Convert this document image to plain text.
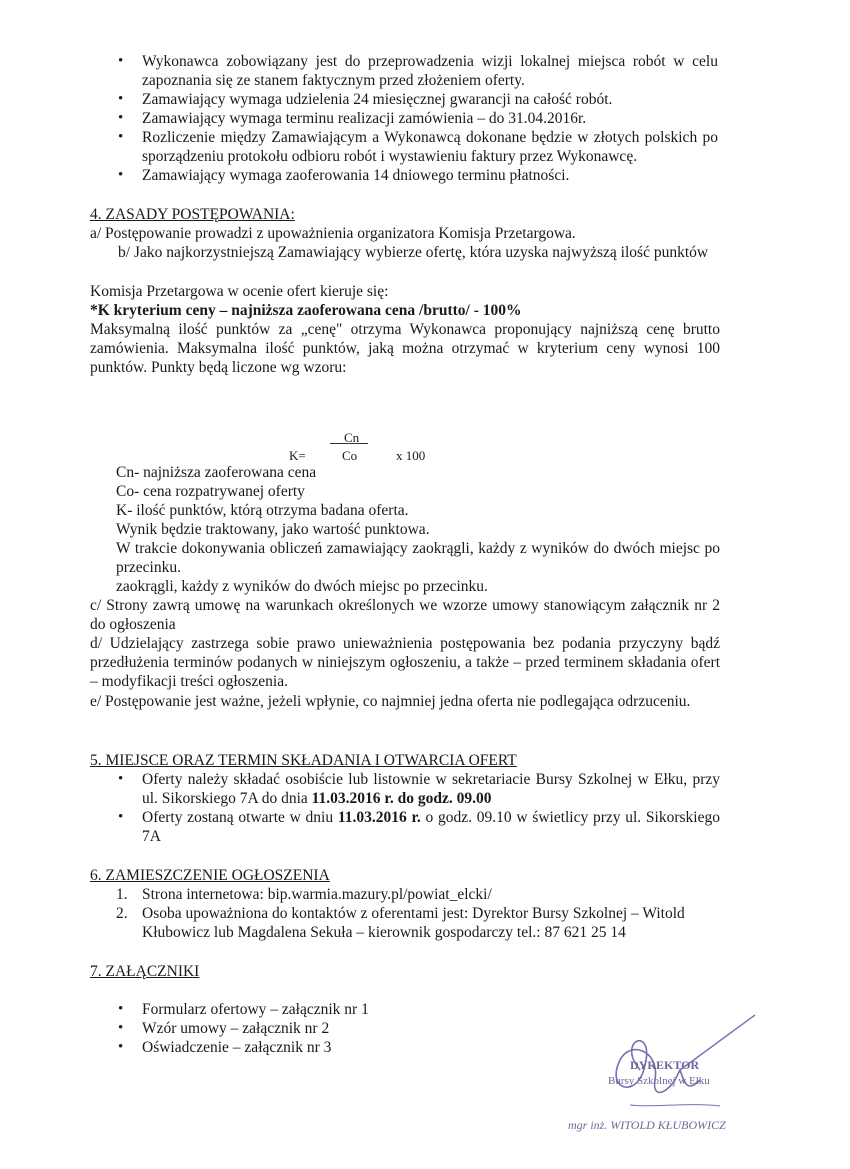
• Wykonawca zobowiązany jest do przeprowadzenia wizji lokalnej miejsca robót w celu zapoznania się ze stanem faktycznym przed złożeniem oferty.
• Zamawiający wymaga udzielenia 24 miesięcznej gwarancji na całość robót.
• Zamawiający wymaga terminu realizacji zamówienia – do 31.04.2016r.
• Rozliczenie między Zamawiającym a Wykonawcą dokonane będzie w złotych polskich po sporządzeniu protokołu odbioru robót i wystawieniu faktury przez Wykonawcę.
• Zamawiający wymaga zaoferowania 14 dniowego terminu płatności.
4. ZASADY POSTĘPOWANIA:
a/ Postępowanie prowadzi z upoważnienia organizatora Komisja Przetargowa.
b/ Jako najkorzystniejszą Zamawiający wybierze ofertę, która uzyska najwyższą ilość punktów
Komisja Przetargowa w ocenie ofert kieruje się:
*K kryterium ceny – najniższa zaoferowana cena /brutto/ - 100%
Maksymalną ilość punktów za „cenę" otrzyma Wykonawca proponujący najniższą cenę brutto zamówienia. Maksymalna ilość punktów, jaką można otrzymać w kryterium ceny wynosi 100 punktów. Punkty będą liczone wg wzoru:
K=
Cn
Co	x 100
Cn- najniższa zaoferowana cena
Co- cena rozpatrywanej oferty
K- ilość punktów, którą otrzyma badana oferta.
Wynik będzie traktowany, jako wartość punktowa.
W trakcie dokonywania obliczeń zamawiający zaokrągli, każdy z wyników do dwóch miejsc po przecinku.
zaokrągli, każdy z wyników do dwóch miejsc po przecinku.
c/ Strony zawrą umowę na warunkach określonych we wzorze umowy stanowiącym załącznik nr 2 do ogłoszenia
d/ Udzielający zastrzega sobie prawo unieważnienia postępowania bez podania przyczyny bądź przedłużenia terminów podanych w niniejszym ogłoszeniu, a także – przed terminem składania ofert – modyfikacji treści ogłoszenia.
e/ Postępowanie jest ważne, jeżeli wpłynie, co najmniej jedna oferta nie podlegająca odrzuceniu.
5. MIEJSCE ORAZ TERMIN SKŁADANIA I OTWARCIA OFERT
• Oferty należy składać osobiście lub listownie w sekretariacie Bursy Szkolnej w Ełku, przy ul. Sikorskiego 7A do dnia 11.03.2016 r. do godz. 09.00
• Oferty zostaną otwarte w dniu 11.03.2016 r. o godz. 09.10 w świetlicy przy ul. Sikorskiego 7A
6. ZAMIESZCZENIE OGŁOSZENIA
1. Strona internetowa: bip.warmia.mazury.pl/powiat_elcki/
2. Osoba upoważniona do kontaktów z oferentami jest: Dyrektor Bursy Szkolnej – Witold Kłubowicz lub Magdalena Sekuła – kierownik gospodarczy tel.: 87 621 25 14
7. ZAŁĄCZNIKI
• Formularz ofertowy – załącznik nr 1
• Wzór umowy – załącznik nr 2
• Oświadczenie – załącznik nr 3
DYREKTOR
Bursy Szkolnej w Ełku
mgr inż. WITOLD KŁUBOWICZ
